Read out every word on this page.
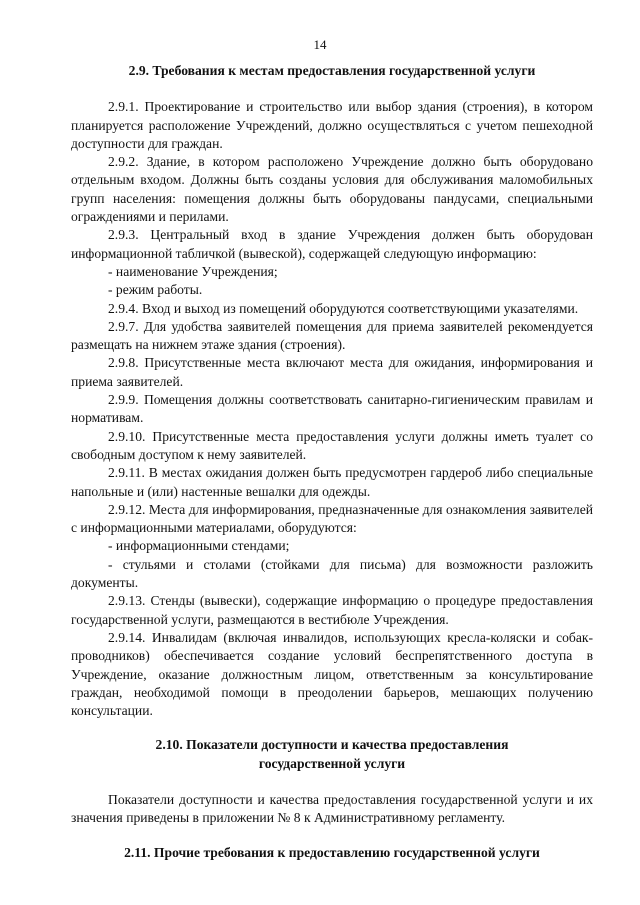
14
2.9. Требования к местам предоставления государственной услуги

2.9.1. Проектирование и строительство или выбор здания (строения), в котором планируется расположение Учреждений, должно осуществляться с учетом пешеходной доступности для граждан.

2.9.2. Здание, в котором расположено Учреждение должно быть оборудовано отдельным входом. Должны быть созданы условия для обслуживания маломобильных групп населения: помещения должны быть оборудованы пандусами, специальными ограждениями и перилами.

2.9.3. Центральный вход в здание Учреждения должен быть оборудован информационной табличкой (вывеской), содержащей следующую информацию:

- наименование Учреждения;

- режим работы.

2.9.4. Вход и выход из помещений оборудуются соответствующими указателями.

2.9.7. Для удобства заявителей помещения для приема заявителей рекомендуется размещать на нижнем этаже здания (строения).

2.9.8. Присутственные места включают места для ожидания, информирования и приема заявителей.

2.9.9. Помещения должны соответствовать санитарно-гигиеническим правилам и нормативам.

2.9.10. Присутственные места предоставления услуги должны иметь туалет со свободным доступом к нему заявителей.

2.9.11. В местах ожидания должен быть предусмотрен гардероб либо специальные напольные и (или) настенные вешалки для одежды.

2.9.12. Места для информирования, предназначенные для ознакомления заявителей с информационными материалами, оборудуются:

- информационными стендами;

- стульями и столами (стойками для письма) для возможности разложить документы.

2.9.13. Стенды (вывески), содержащие информацию о процедуре предоставления государственной услуги, размещаются в вестибюле Учреждения.

2.9.14. Инвалидам (включая инвалидов, использующих кресла-коляски и собак-проводников) обеспечивается создание условий беспрепятственного доступа в Учреждение, оказание должностным лицом, ответственным за консультирование граждан, необходимой помощи в преодолении барьеров, мешающих получению консультации.

2.10. Показатели доступности и качества предоставления
государственной услуги

Показатели доступности и качества предоставления государственной услуги и их значения приведены в приложении № 8 к Административному регламенту.

2.11. Прочие требования к предоставлению государственной услуги
